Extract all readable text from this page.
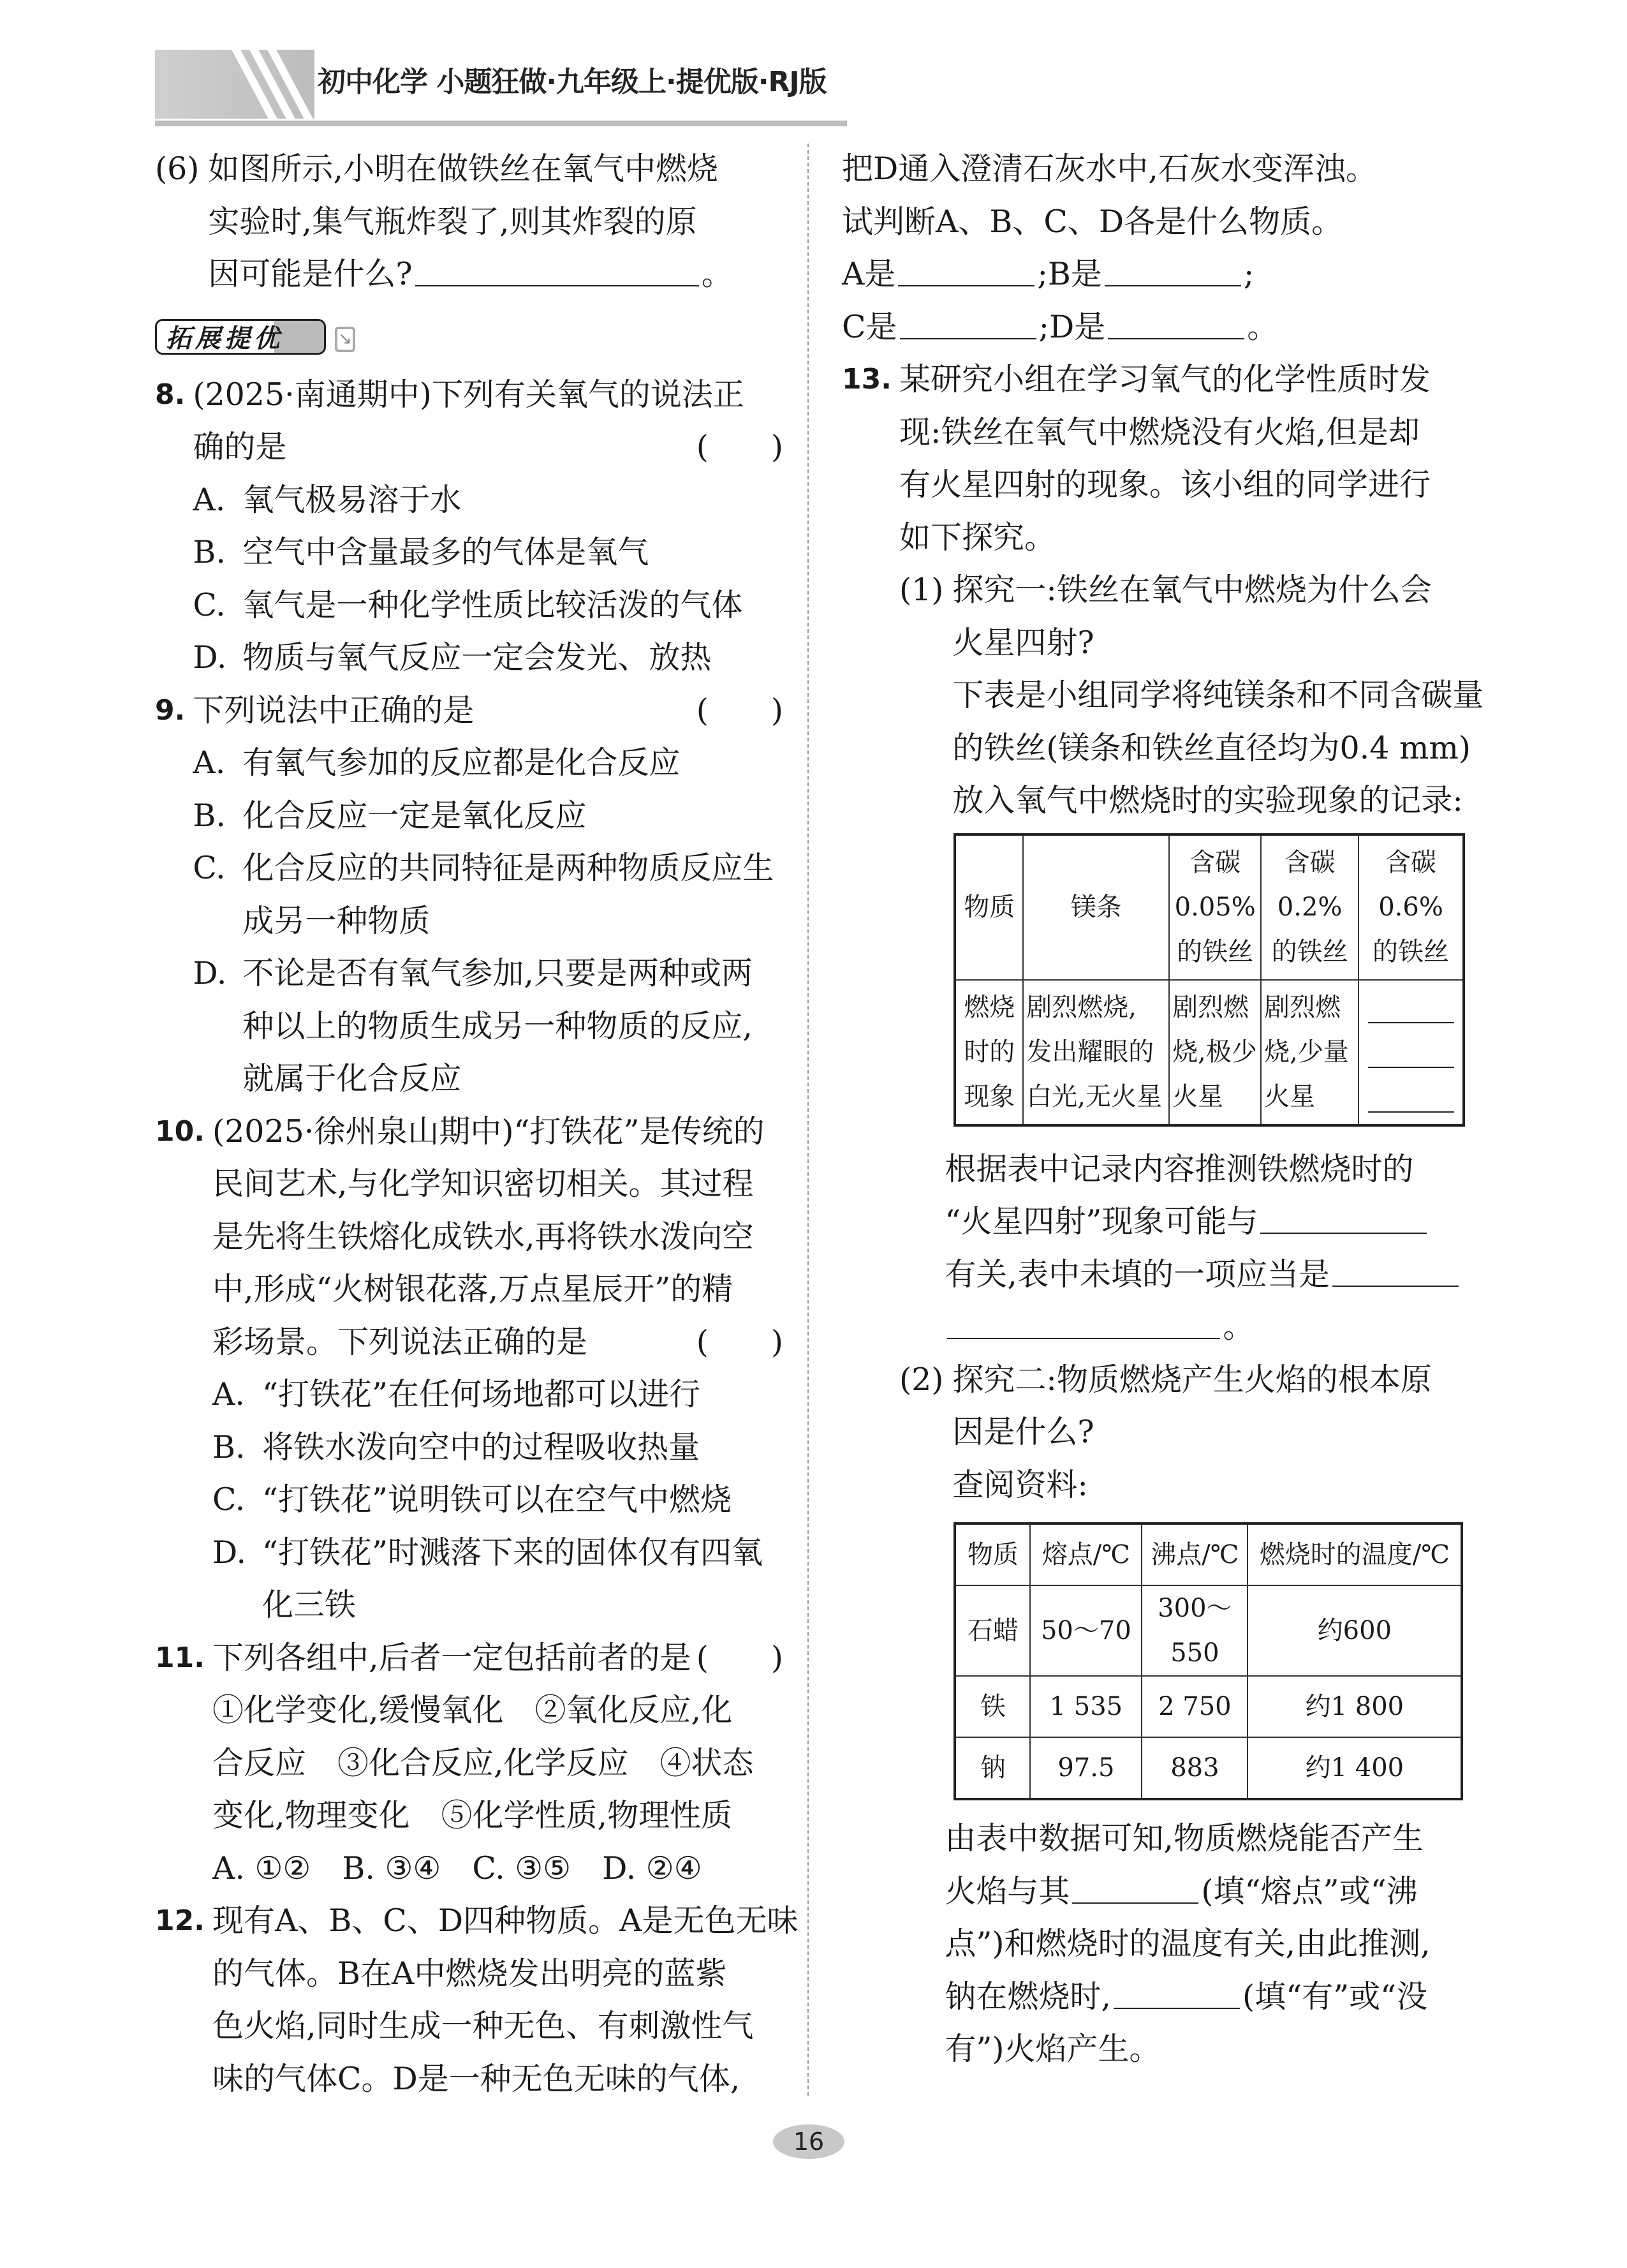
初中化学 小题狂做·九年级上·提优版·RJ版
(6) 如图所示,小明在做铁丝在氧气中燃烧
实验时,集气瓶炸裂了,则其炸裂的原
因可能是什么?	。
拓展提优	↘
8. (2025·南通期中)下列有关氧气的说法正
确的是	(　　)
A. 氧气极易溶于水
B. 空气中含量最多的气体是氧气
C. 氧气是一种化学性质比较活泼的气体
D. 物质与氧气反应一定会发光、放热
9. 下列说法中正确的是	(　　)
A. 有氧气参加的反应都是化合反应
B. 化合反应一定是氧化反应
C. 化合反应的共同特征是两种物质反应生
成另一种物质
D. 不论是否有氧气参加,只要是两种或两
种以上的物质生成另一种物质的反应,
就属于化合反应
10. (2025·徐州泉山期中)“打铁花”是传统的
民间艺术,与化学知识密切相关。其过程
是先将生铁熔化成铁水,再将铁水泼向空
中,形成“火树银花落,万点星辰开”的精
彩场景。下列说法正确的是	(　　)
A. “打铁花”在任何场地都可以进行
B. 将铁水泼向空中的过程吸收热量
C. “打铁花”说明铁可以在空气中燃烧
D. “打铁花”时溅落下来的固体仅有四氧
化三铁
11. 下列各组中,后者一定包括前者的是 (　　)
①化学变化,缓慢氧化　②氧化反应,化
合反应　③化合反应,化学反应　④状态
变化,物理变化　⑤化学性质,物理性质
A. ①②　B. ③④　C. ③⑤　D. ②④
12. 现有A、B、C、D四种物质。A是无色无味
的气体。B在A中燃烧发出明亮的蓝紫
色火焰,同时生成一种无色、有刺激性气
味的气体C。D是一种无色无味的气体,
把D通入澄清石灰水中,石灰水变浑浊。
试判断A、B、C、D各是什么物质。
A是	;B是	;
C是	;D是	。
13. 某研究小组在学习氧气的化学性质时发
现:铁丝在氧气中燃烧没有火焰,但是却
有火星四射的现象。该小组的同学进行
如下探究。
(1) 探究一:铁丝在氧气中燃烧为什么会
火星四射?
下表是小组同学将纯镁条和不同含碳量
的铁丝(镁条和铁丝直径均为0.4 mm)
放入氧气中燃烧时的实验现象的记录:
物质	镁条	含碳
0.05%
的铁丝	含碳
0.2%
的铁丝	含碳
0.6%
的铁丝

燃烧
时的
现象	剧烈燃烧,
发出耀眼的
白光,无火星	剧烈燃
烧,极少
火星	剧烈燃
烧,少量
火星	

根据表中记录内容推测铁燃烧时的
“火星四射”现象可能与
有关,表中未填的一项应当是
。
(2) 探究二:物质燃烧产生火焰的根本原
因是什么?
查阅资料:
物质	熔点/℃	沸点/℃	燃烧时的温度/℃
石蜡	50～70	300～550	约600
铁	1 535	2 750	约1 800
钠	97.5	883	约1 400
由表中数据可知,物质燃烧能否产生
火焰与其	(填“熔点”或“沸
点”)和燃烧时的温度有关,由此推测,
钠在燃烧时,	(填“有”或“没
有”)火焰产生。
16
